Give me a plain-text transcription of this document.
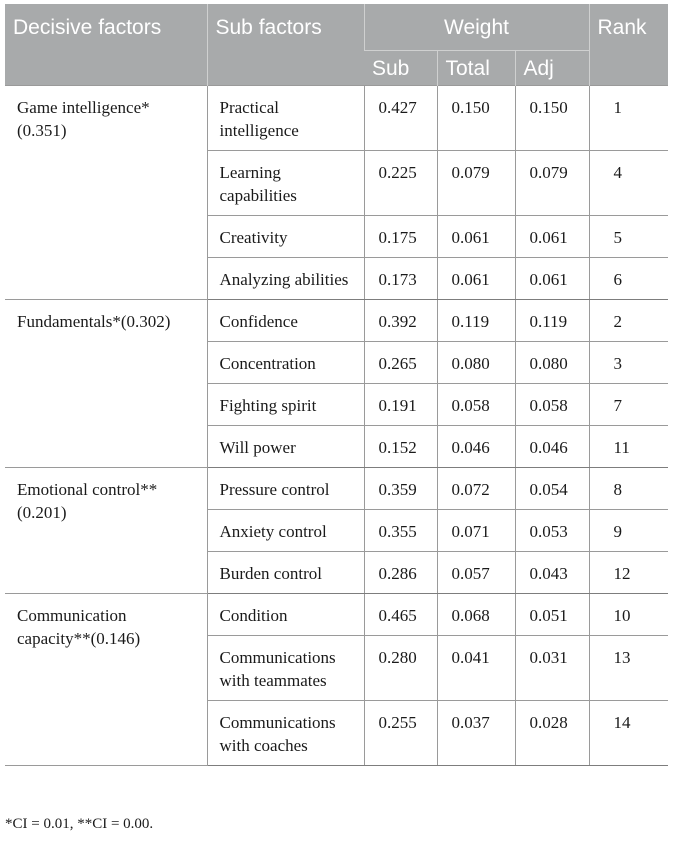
Decisive factors	Sub factors	Weight			Rank
		Sub	Total	Adj	
Game intelligence*(0.351)	Practical intelligence	0.427	0.150	0.150	1
	Learning capabilities	0.225	0.079	0.079	4
	Creativity	0.175	0.061	0.061	5
	Analyzing abilities	0.173	0.061	0.061	6
Fundamentals*(0.302)	Confidence	0.392	0.119	0.119	2
	Concentration	0.265	0.080	0.080	3
	Fighting spirit	0.191	0.058	0.058	7
	Will power	0.152	0.046	0.046	11
Emotional control**(0.201)	Pressure control	0.359	0.072	0.054	8
	Anxiety control	0.355	0.071	0.053	9
	Burden control	0.286	0.057	0.043	12
Communication capacity**(0.146)	Condition	0.465	0.068	0.051	10
	Communications with teammates	0.280	0.041	0.031	13
	Communications with coaches	0.255	0.037	0.028	14
*CI = 0.01, **CI = 0.00.
